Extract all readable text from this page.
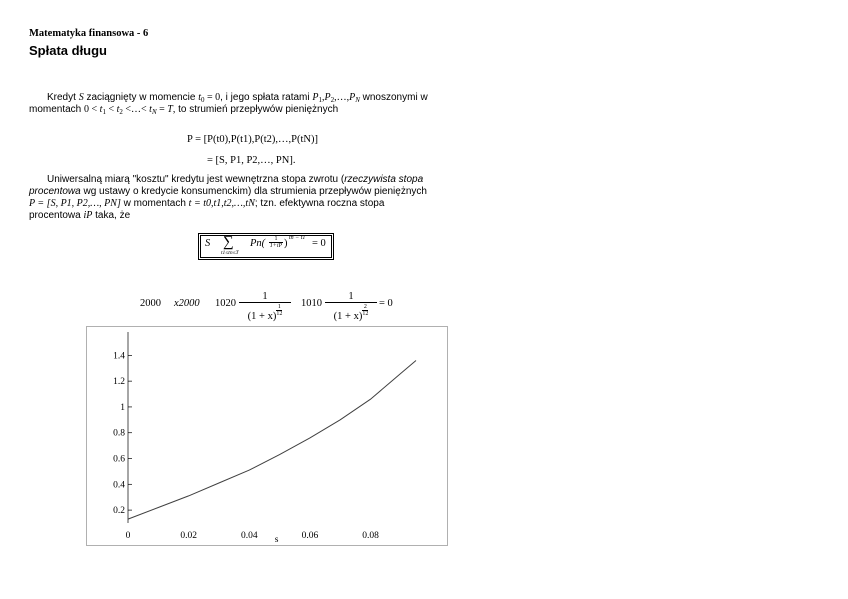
Matematyka finansowa - 6
Spłata długu
Kredyt S zaciągnięty w momencie $t_0 = 0$, i jego spłata ratami $P_1,P_2,\dots,P_N$ wnoszonymi w
momentach $0 < t_1 < t_2$ <…< $t_N = T$, to strumień przepływów pieniężnych
P = [P(t0),P(t1),P(t2),…,P(tN)]
= [S, P1, P2,…, PN].
Uniwersalną miarą "kosztu" kredytu jest wewnętrzna stopa zwrotu (rzeczywista stopa
procentowa wg ustawy o kredycie konsumenckim) dla strumienia przepływów pieniężnych
P = [S, P1, P2,…, PN] w momentach t = t0,t1,t2,…,tN; tzn. efektywna roczna stopa
procentowa iP taka, że
S ∑
t1≤tn≤T
Pn(	1
1+iP ) tn − t1 = 0
2000 x2000 1020 1
(1 + x) $^{\frac{1}{12}}$ 1010 1
(1 + x) $^{\frac{2}{12}}$ = 0
0.2
0.4
0.6
0.8
1
1.2
1.4
0	0.02	0.04	0.06	0.08
s
